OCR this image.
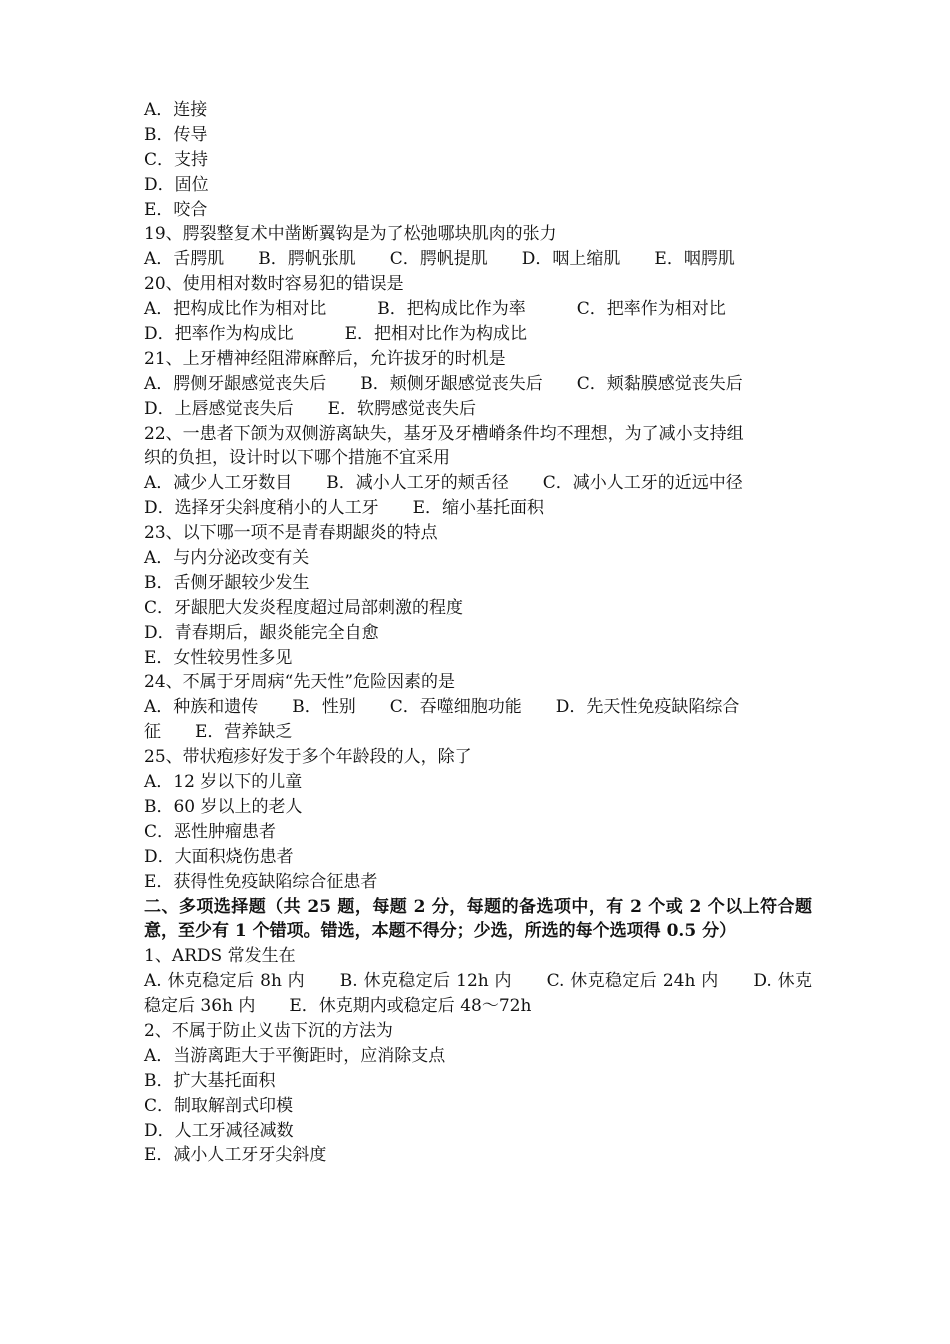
A．连接
B．传导
C．支持
D．固位
E．咬合
19、腭裂整复术中凿断翼钩是为了松弛哪块肌肉的张力
A．舌腭肌　　B．腭帆张肌　　C．腭帆提肌　　D．咽上缩肌　　E．咽腭肌
20、使用相对数时容易犯的错误是
A．把构成比作为相对比　　　B．把构成比作为率　　　C．把率作为相对比
D．把率作为构成比　　　E．把相对比作为构成比
21、上牙槽神经阻滞麻醉后，允许拔牙的时机是
A．腭侧牙龈感觉丧失后　　B．颊侧牙龈感觉丧失后　　C．颊黏膜感觉丧失后
D．上唇感觉丧失后　　E．软腭感觉丧失后
22、一患者下颌为双侧游离缺失，基牙及牙槽嵴条件均不理想，为了减小支持组
织的负担，设计时以下哪个措施不宜采用
A．减少人工牙数目　　B．减小人工牙的颊舌径　　C．减小人工牙的近远中径
D．选择牙尖斜度稍小的人工牙　　E．缩小基托面积
23、以下哪一项不是青春期龈炎的特点
A．与内分泌改变有关
B．舌侧牙龈较少发生
C．牙龈肥大发炎程度超过局部刺激的程度
D．青春期后，龈炎能完全自愈
E．女性较男性多见
24、不属于牙周病“先天性”危险因素的是
A．种族和遗传　　B．性别　　C．吞噬细胞功能　　D．先天性免疫缺陷综合
征　　E．营养缺乏
25、带状疱疹好发于多个年龄段的人，除了
A．12 岁以下的儿童
B．60 岁以上的老人
C．恶性肿瘤患者
D．大面积烧伤患者
E．获得性免疫缺陷综合征患者
二、多项选择题（共 25 题，每题 2 分，每题的备选项中，有 2 个或 2 个以上符合题意，至少有 1 个错项。错选，本题不得分；少选，所选的每个选项得 0.5 分）
1、ARDS 常发生在
A. 休克稳定后 8h 内　　B. 休克稳定后 12h 内　　C. 休克稳定后 24h 内　　D. 休克稳定后 36h 内　　E．休克期内或稳定后 48～72h
2、不属于防止义齿下沉的方法为
A．当游离距大于平衡距时，应消除支点
B．扩大基托面积
C．制取解剖式印模
D．人工牙减径减数
E．减小人工牙牙尖斜度
